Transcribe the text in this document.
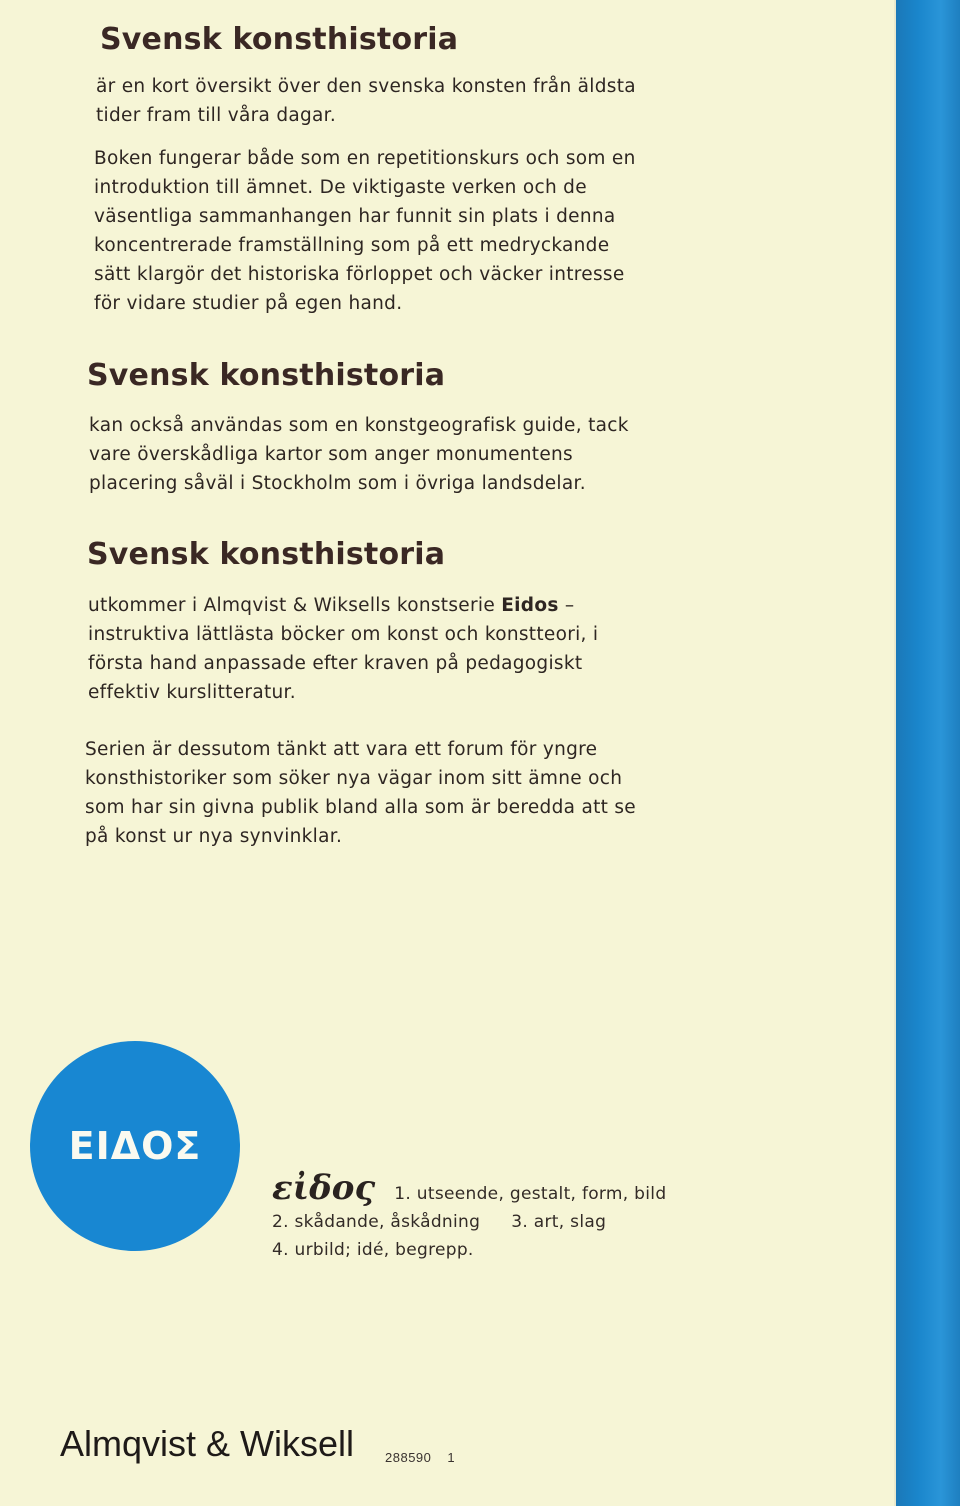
Svensk konsthistoria

är en kort översikt över den svenska konsten från äldsta
tider fram till våra dagar.

Boken fungerar både som en repetitionskurs och som en
introduktion till ämnet. De viktigaste verken och de
väsentliga sammanhangen har funnit sin plats i denna
koncentrerade framställning som på ett medryckande
sätt klargör det historiska förloppet och väcker intresse
för vidare studier på egen hand.

Svensk konsthistoria

kan också användas som en konstgeografisk guide, tack
vare överskådliga kartor som anger monumentens
placering såväl i Stockholm som i övriga landsdelar.

Svensk konsthistoria

utkommer i Almqvist & Wiksells konstserie Eidos –
instruktiva lättlästa böcker om konst och konstteori, i
första hand anpassade efter kraven på pedagogiskt
effektiv kurslitteratur.

Serien är dessutom tänkt att vara ett forum för yngre
konsthistoriker som söker nya vägar inom sitt ämne och
som har sin givna publik bland alla som är beredda att se
på konst ur nya synvinklar.

ΕΙΔΟΣ
εἰδος 1. utseende, gestalt, form, bild
2. skådande, åskådning 3. art, slag
4. urbild; idé, begrepp.
Almqvist & Wiksell 288590 1
